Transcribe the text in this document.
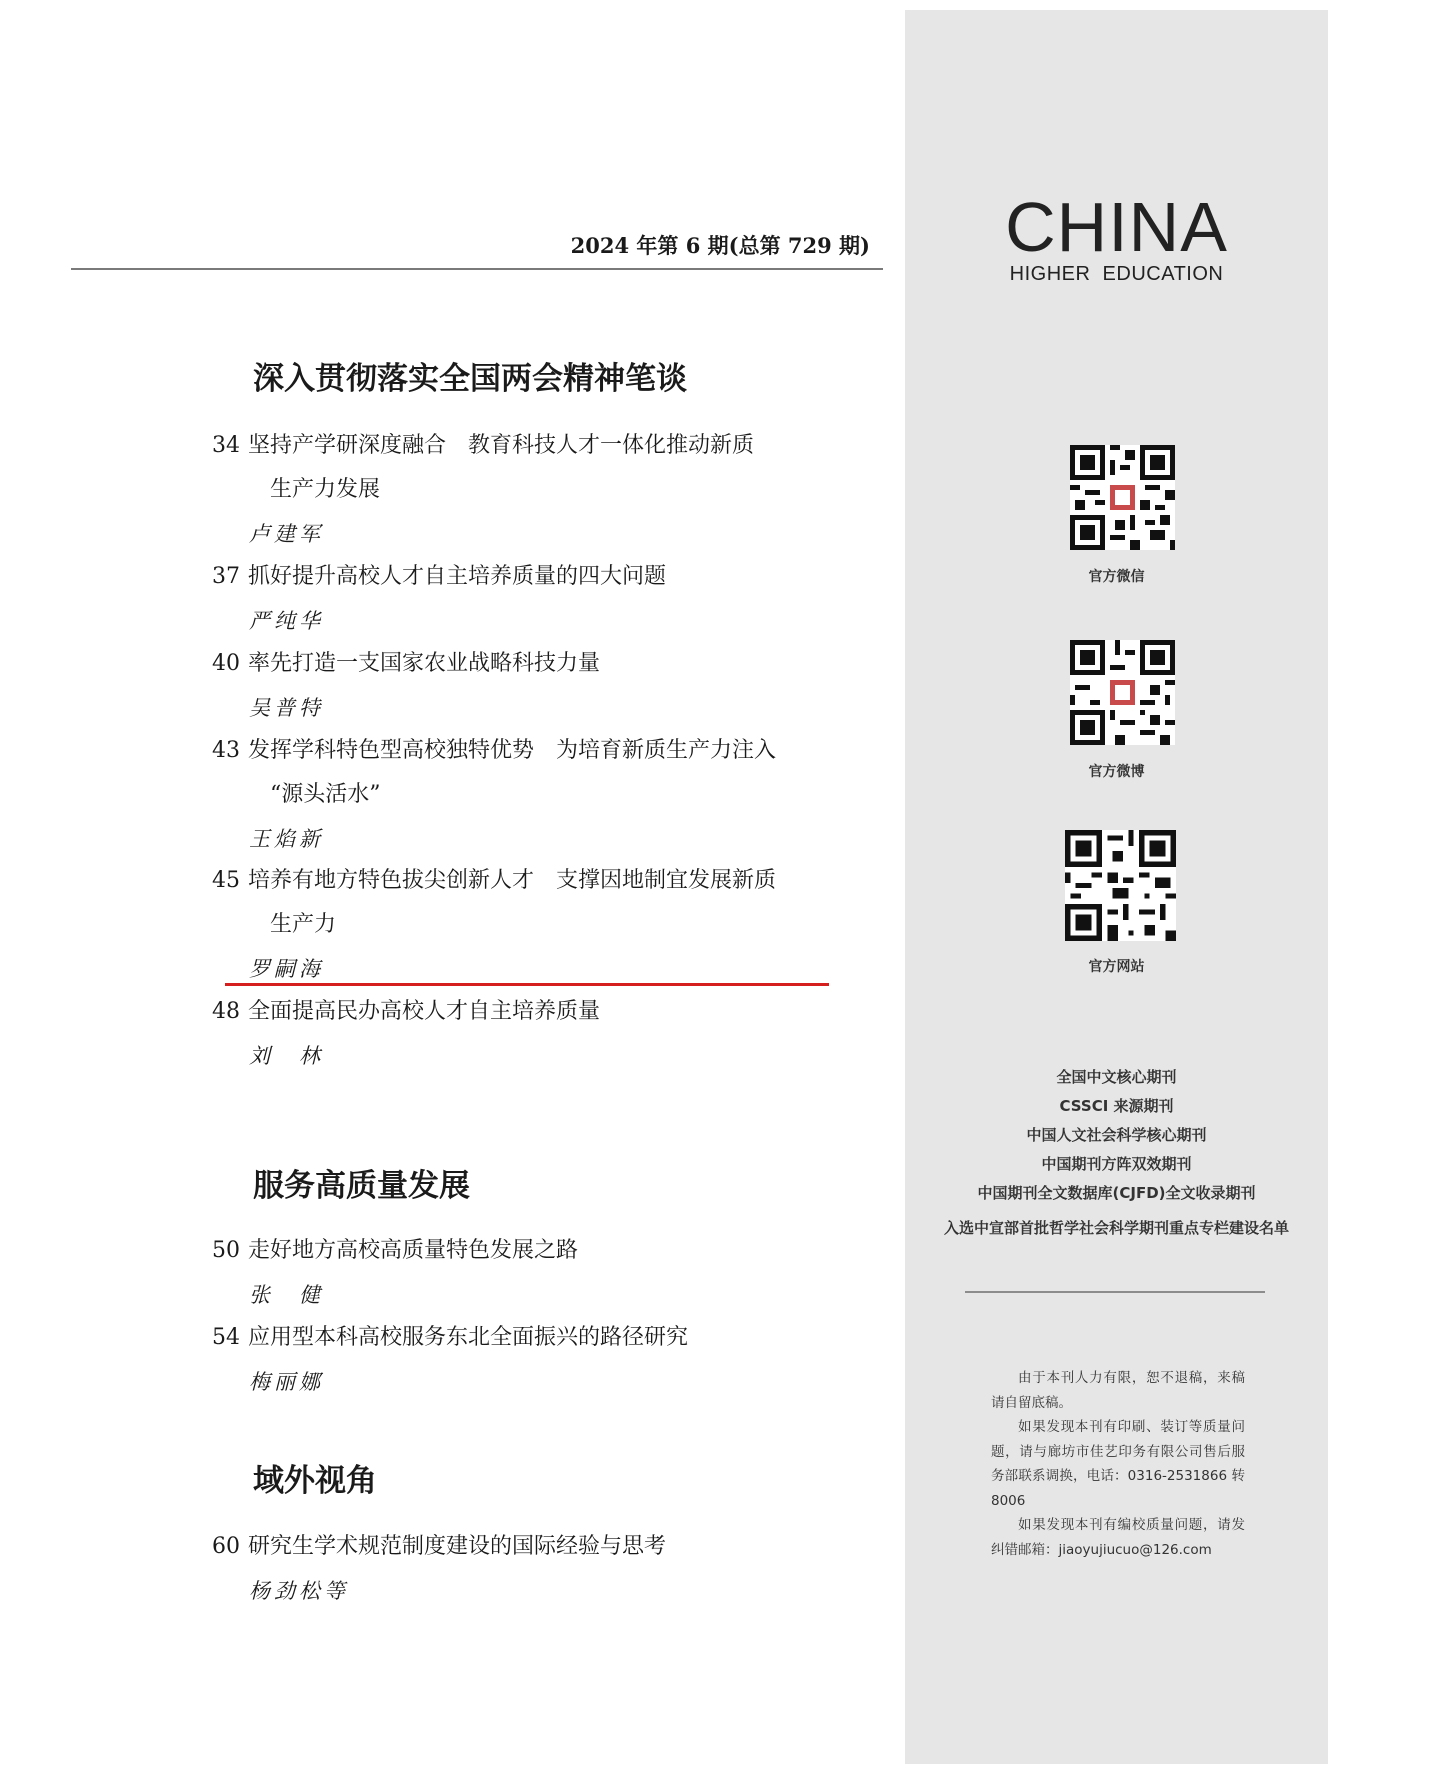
2024 年第 6 期(总第 729 期)
深入贯彻落实全国两会精神笔谈
34 坚持产学研深度融合　教育科技人才一体化推动新质
生产力发展
卢建军
37 抓好提升高校人才自主培养质量的四大问题
严纯华
40 率先打造一支国家农业战略科技力量
吴普特
43 发挥学科特色型高校独特优势　为培育新质生产力注入
“源头活水”
王焰新
45 培养有地方特色拔尖创新人才　支撑因地制宜发展新质
生产力
罗嗣海
48 全面提高民办高校人才自主培养质量
刘　林
服务高质量发展
50 走好地方高校高质量特色发展之路
张　健
54 应用型本科高校服务东北全面振兴的路径研究
梅丽娜
域外视角
60 研究生学术规范制度建设的国际经验与思考
杨劲松等
CHINA
HIGHER  EDUCATION
官方微信
官方微博
官方网站
全国中文核心期刊
CSSCI 来源期刊
中国人文社会科学核心期刊
中国期刊方阵双效期刊
中国期刊全文数据库(CJFD)全文收录期刊
入选中宣部首批哲学社会科学期刊重点专栏建设名单

由于本刊人力有限，恕不退稿，来稿请自留底稿。

如果发现本刊有印刷、装订等质量问题，请与廊坊市佳艺印务有限公司售后服务部联系调换，电话：0316-2531866 转 8006

如果发现本刊有编校质量问题，请发纠错邮箱：jiaoyujiucuo@126.com
